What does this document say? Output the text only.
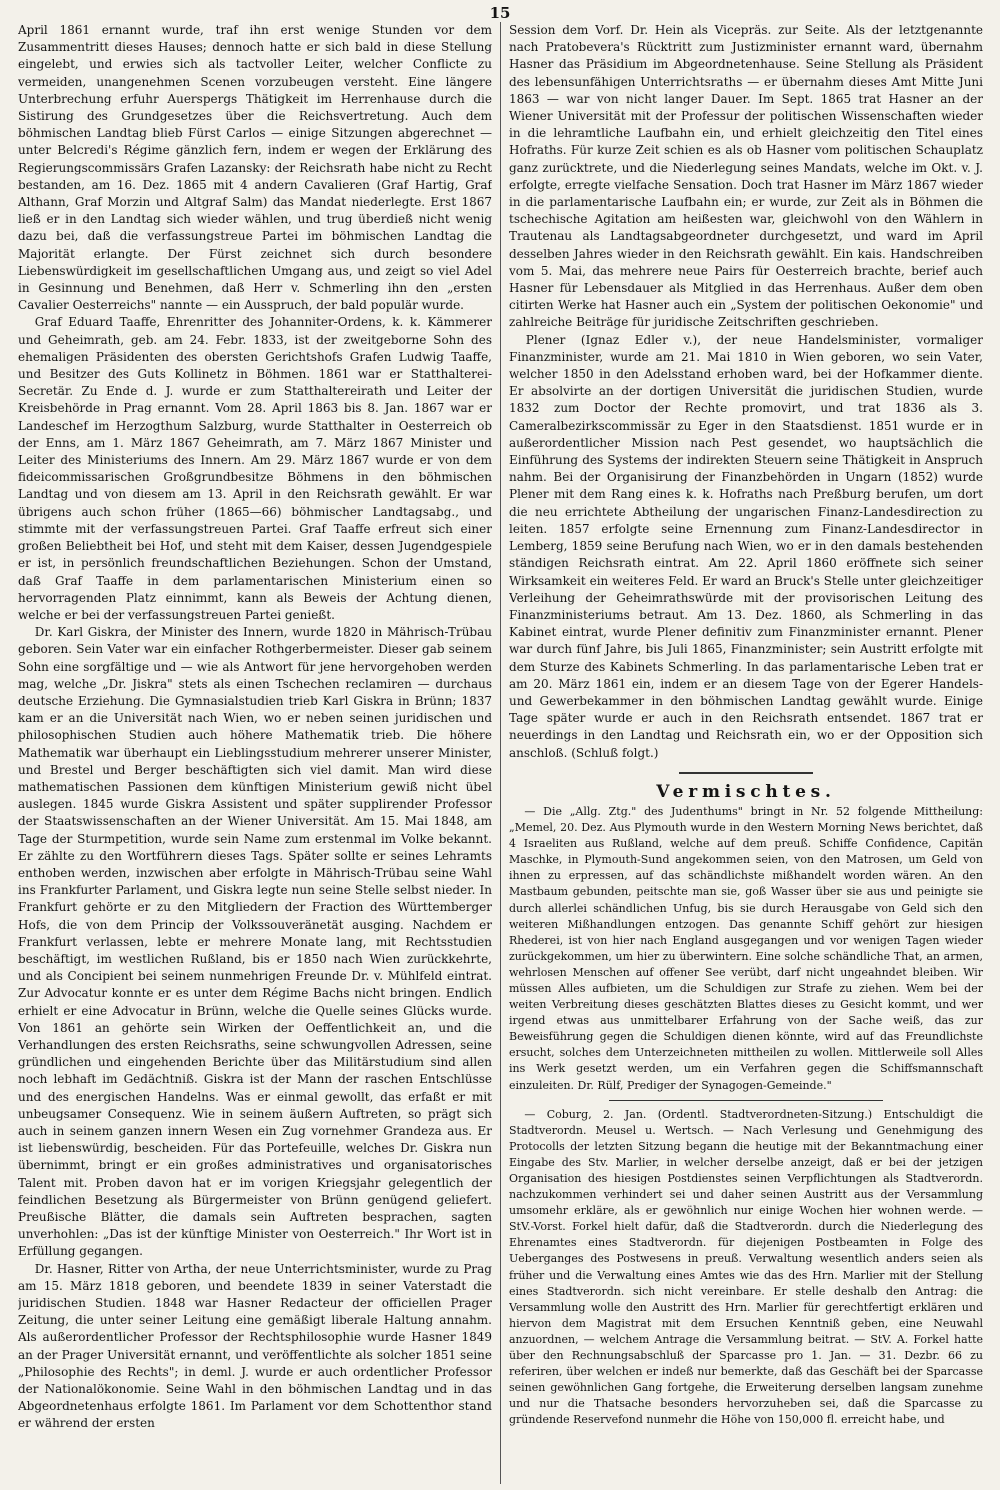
15

April 1861 ernannt wurde, traf ihn erst wenige Stunden vor dem Zusammentritt dieses Hauses; dennoch hatte er sich bald in diese Stellung eingelebt, und erwies sich als tactvoller Leiter, welcher Conflicte zu vermeiden, unangenehmen Scenen vorzubeugen versteht. Eine längere Unterbrechung erfuhr Auerspergs Thätigkeit im Herrenhause durch die Sistirung des Grundgesetzes über die Reichsvertretung. Auch dem böhmischen Landtag blieb Fürst Carlos — einige Sitzungen abgerechnet — unter Belcredi's Régime gänzlich fern, indem er wegen der Erklärung des Regierungscommissärs Grafen Lazansky: der Reichsrath habe nicht zu Recht bestanden, am 16. Dez. 1865 mit 4 andern Cavalieren (Graf Hartig, Graf Althann, Graf Morzin und Altgraf Salm) das Mandat niederlegte. Erst 1867 ließ er in den Landtag sich wieder wählen, und trug überdieß nicht wenig dazu bei, daß die verfassungstreue Partei im böhmischen Landtag die Majorität erlangte. Der Fürst zeichnet sich durch besondere Liebenswürdigkeit im gesellschaftlichen Umgang aus, und zeigt so viel Adel in Gesinnung und Benehmen, daß Herr v. Schmerling ihn den „ersten Cavalier Oesterreichs" nannte — ein Ausspruch, der bald populär wurde.

Graf Eduard Taaffe, Ehrenritter des Johanniter-Ordens, k. k. Kämmerer und Geheimrath, geb. am 24. Febr. 1833, ist der zweitgeborne Sohn des ehemaligen Präsidenten des obersten Gerichtshofs Grafen Ludwig Taaffe, und Besitzer des Guts Kollinetz in Böhmen. 1861 war er Statthalterei-Secretär. Zu Ende d. J. wurde er zum Statthaltereirath und Leiter der Kreisbehörde in Prag ernannt. Vom 28. April 1863 bis 8. Jan. 1867 war er Landeschef im Herzogthum Salzburg, wurde Statthalter in Oesterreich ob der Enns, am 1. März 1867 Geheimrath, am 7. März 1867 Minister und Leiter des Ministeriums des Innern. Am 29. März 1867 wurde er von dem fideicommissarischen Großgrundbesitze Böhmens in den böhmischen Landtag und von diesem am 13. April in den Reichsrath gewählt. Er war übrigens auch schon früher (1865—66) böhmischer Landtagsabg., und stimmte mit der verfassungstreuen Partei. Graf Taaffe erfreut sich einer großen Beliebtheit bei Hof, und steht mit dem Kaiser, dessen Jugendgespiele er ist, in persönlich freundschaftlichen Beziehungen. Schon der Umstand, daß Graf Taaffe in dem parlamentarischen Ministerium einen so hervorragenden Platz einnimmt, kann als Beweis der Achtung dienen, welche er bei der verfassungstreuen Partei genießt.

Dr. Karl Giskra, der Minister des Innern, wurde 1820 in Mährisch-Trübau geboren. Sein Vater war ein einfacher Rothgerbermeister. Dieser gab seinem Sohn eine sorgfältige und — wie als Antwort für jene hervorgehoben werden mag, welche „Dr. Jiskra" stets als einen Tschechen reclamiren — durchaus deutsche Erziehung. Die Gymnasialstudien trieb Karl Giskra in Brünn; 1837 kam er an die Universität nach Wien, wo er neben seinen juridischen und philosophischen Studien auch höhere Mathematik trieb. Die höhere Mathematik war überhaupt ein Lieblingsstudium mehrerer unserer Minister, und Brestel und Berger beschäftigten sich viel damit. Man wird diese mathematischen Passionen dem künftigen Ministerium gewiß nicht übel auslegen. 1845 wurde Giskra Assistent und später supplirender Professor der Staatswissenschaften an der Wiener Universität. Am 15. Mai 1848, am Tage der Sturmpetition, wurde sein Name zum erstenmal im Volke bekannt. Er zählte zu den Wortführern dieses Tags. Später sollte er seines Lehramts enthoben werden, inzwischen aber erfolgte in Mährisch-Trübau seine Wahl ins Frankfurter Parlament, und Giskra legte nun seine Stelle selbst nieder. In Frankfurt gehörte er zu den Mitgliedern der Fraction des Württemberger Hofs, die von dem Princip der Volkssouveränetät ausging. Nachdem er Frankfurt verlassen, lebte er mehrere Monate lang, mit Rechtsstudien beschäftigt, im westlichen Rußland, bis er 1850 nach Wien zurückkehrte, und als Concipient bei seinem nunmehrigen Freunde Dr. v. Mühlfeld eintrat. Zur Advocatur konnte er es unter dem Régime Bachs nicht bringen. Endlich erhielt er eine Advocatur in Brünn, welche die Quelle seines Glücks wurde. Von 1861 an gehörte sein Wirken der Oeffentlichkeit an, und die Verhandlungen des ersten Reichsraths, seine schwungvollen Adressen, seine gründlichen und eingehenden Berichte über das Militärstudium sind allen noch lebhaft im Gedächtniß. Giskra ist der Mann der raschen Entschlüsse und des energischen Handelns. Was er einmal gewollt, das erfaßt er mit unbeugsamer Consequenz. Wie in seinem äußern Auftreten, so prägt sich auch in seinem ganzen innern Wesen ein Zug vornehmer Grandeza aus. Er ist liebenswürdig, bescheiden. Für das Portefeuille, welches Dr. Giskra nun übernimmt, bringt er ein großes administratives und organisatorisches Talent mit. Proben davon hat er im vorigen Kriegsjahr gelegentlich der feindlichen Besetzung als Bürgermeister von Brünn genügend geliefert. Preußische Blätter, die damals sein Auftreten besprachen, sagten unverhohlen: „Das ist der künftige Minister von Oesterreich." Ihr Wort ist in Erfüllung gegangen.

Dr. Hasner, Ritter von Artha, der neue Unterrichtsminister, wurde zu Prag am 15. März 1818 geboren, und beendete 1839 in seiner Vaterstadt die juridischen Studien. 1848 war Hasner Redacteur der officiellen Prager Zeitung, die unter seiner Leitung eine gemäßigt liberale Haltung annahm. Als außerordentlicher Professor der Rechtsphilosophie wurde Hasner 1849 an der Prager Universität ernannt, und veröffentlichte als solcher 1851 seine „Philosophie des Rechts"; in deml. J. wurde er auch ordentlicher Professor der Nationalökonomie. Seine Wahl in den böhmischen Landtag und in das Abgeordnetenhaus erfolgte 1861. Im Parlament vor dem Schottenthor stand er während der ersten

Session dem Vorf. Dr. Hein als Vicepräs. zur Seite. Als der letztgenannte nach Pratobevera's Rücktritt zum Justizminister ernannt ward, übernahm Hasner das Präsidium im Abgeordnetenhause. Seine Stellung als Präsident des lebensunfähigen Unterrichtsraths — er übernahm dieses Amt Mitte Juni 1863 — war von nicht langer Dauer. Im Sept. 1865 trat Hasner an der Wiener Universität mit der Professur der politischen Wissenschaften wieder in die lehramtliche Laufbahn ein, und erhielt gleichzeitig den Titel eines Hofraths. Für kurze Zeit schien es als ob Hasner vom politischen Schauplatz ganz zurücktrete, und die Niederlegung seines Mandats, welche im Okt. v. J. erfolgte, erregte vielfache Sensation. Doch trat Hasner im März 1867 wieder in die parlamentarische Laufbahn ein; er wurde, zur Zeit als in Böhmen die tschechische Agitation am heißesten war, gleichwohl von den Wählern in Trautenau als Landtagsabgeordneter durchgesetzt, und ward im April desselben Jahres wieder in den Reichsrath gewählt. Ein kais. Handschreiben vom 5. Mai, das mehrere neue Pairs für Oesterreich brachte, berief auch Hasner für Lebensdauer als Mitglied in das Herrenhaus. Außer dem oben citirten Werke hat Hasner auch ein „System der politischen Oekonomie" und zahlreiche Beiträge für juridische Zeitschriften geschrieben.

Plener (Ignaz Edler v.), der neue Handelsminister, vormaliger Finanzminister, wurde am 21. Mai 1810 in Wien geboren, wo sein Vater, welcher 1850 in den Adelsstand erhoben ward, bei der Hofkammer diente. Er absolvirte an der dortigen Universität die juridischen Studien, wurde 1832 zum Doctor der Rechte promovirt, und trat 1836 als 3. Cameralbezirkscommissär zu Eger in den Staatsdienst. 1851 wurde er in außerordentlicher Mission nach Pest gesendet, wo hauptsächlich die Einführung des Systems der indirekten Steuern seine Thätigkeit in Anspruch nahm. Bei der Organisirung der Finanzbehörden in Ungarn (1852) wurde Plener mit dem Rang eines k. k. Hofraths nach Preßburg berufen, um dort die neu errichtete Abtheilung der ungarischen Finanz-Landesdirection zu leiten. 1857 erfolgte seine Ernennung zum Finanz-Landesdirector in Lemberg, 1859 seine Berufung nach Wien, wo er in den damals bestehenden ständigen Reichsrath eintrat. Am 22. April 1860 eröffnete sich seiner Wirksamkeit ein weiteres Feld. Er ward an Bruck's Stelle unter gleichzeitiger Verleihung der Geheimrathswürde mit der provisorischen Leitung des Finanzministeriums betraut. Am 13. Dez. 1860, als Schmerling in das Kabinet eintrat, wurde Plener definitiv zum Finanzminister ernannt. Plener war durch fünf Jahre, bis Juli 1865, Finanzminister; sein Austritt erfolgte mit dem Sturze des Kabinets Schmerling. In das parlamentarische Leben trat er am 20. März 1861 ein, indem er an diesem Tage von der Egerer Handels- und Gewerbekammer in den böhmischen Landtag gewählt wurde. Einige Tage später wurde er auch in den Reichsrath entsendet. 1867 trat er neuerdings in den Landtag und Reichsrath ein, wo er der Opposition sich anschloß. (Schluß folgt.)

Vermischtes.

— Die „Allg. Ztg." des Judenthums" bringt in Nr. 52 folgende Mittheilung: „Memel, 20. Dez. Aus Plymouth wurde in den Western Morning News berichtet, daß 4 Israeliten aus Rußland, welche auf dem preuß. Schiffe Confidence, Capitän Maschke, in Plymouth-Sund angekommen seien, von den Matrosen, um Geld von ihnen zu erpressen, auf das schändlichste mißhandelt worden wären. An den Mastbaum gebunden, peitschte man sie, goß Wasser über sie aus und peinigte sie durch allerlei schändlichen Unfug, bis sie durch Herausgabe von Geld sich den weiteren Mißhandlungen entzogen. Das genannte Schiff gehört zur hiesigen Rhederei, ist von hier nach England ausgegangen und vor wenigen Tagen wieder zurückgekommen, um hier zu überwintern. Eine solche schändliche That, an armen, wehrlosen Menschen auf offener See verübt, darf nicht ungeahndet bleiben. Wir müssen Alles aufbieten, um die Schuldigen zur Strafe zu ziehen. Wem bei der weiten Verbreitung dieses geschätzten Blattes dieses zu Gesicht kommt, und wer irgend etwas aus unmittelbarer Erfahrung von der Sache weiß, das zur Beweisführung gegen die Schuldigen dienen könnte, wird auf das Freundlichste ersucht, solches dem Unterzeichneten mittheilen zu wollen. Mittlerweile soll Alles ins Werk gesetzt werden, um ein Verfahren gegen die Schiffsmannschaft einzuleiten. Dr. Rülf, Prediger der Synagogen-Gemeinde."

— Coburg, 2. Jan. (Ordentl. Stadtverordneten-Sitzung.) Entschuldigt die Stadtverordn. Meusel u. Wertsch. — Nach Verlesung und Genehmigung des Protocolls der letzten Sitzung begann die heutige mit der Bekanntmachung einer Eingabe des Stv. Marlier, in welcher derselbe anzeigt, daß er bei der jetzigen Organisation des hiesigen Postdienstes seinen Verpflichtungen als Stadtverordn. nachzukommen verhindert sei und daher seinen Austritt aus der Versammlung umsomehr erkläre, als er gewöhnlich nur einige Wochen hier wohnen werde. — StV.-Vorst. Forkel hielt dafür, daß die Stadtverordn. durch die Niederlegung des Ehrenamtes eines Stadtverordn. für diejenigen Postbeamten in Folge des Ueberganges des Postwesens in preuß. Verwaltung wesentlich anders seien als früher und die Verwaltung eines Amtes wie das des Hrn. Marlier mit der Stellung eines Stadtverordn. sich nicht vereinbare. Er stelle deshalb den Antrag: die Versammlung wolle den Austritt des Hrn. Marlier für gerechtfertigt erklären und hiervon dem Magistrat mit dem Ersuchen Kenntniß geben, eine Neuwahl anzuordnen, — welchem Antrage die Versammlung beitrat. — StV. A. Forkel hatte über den Rechnungsabschluß der Sparcasse pro 1. Jan. — 31. Dezbr. 66 zu referiren, über welchen er indeß nur bemerkte, daß das Geschäft bei der Sparcasse seinen gewöhnlichen Gang fortgehe, die Erweiterung derselben langsam zunehme und nur die Thatsache besonders hervorzuheben sei, daß die Sparcasse zu gründende Reservefond nunmehr die Höhe von 150,000 fl. erreicht habe, und
